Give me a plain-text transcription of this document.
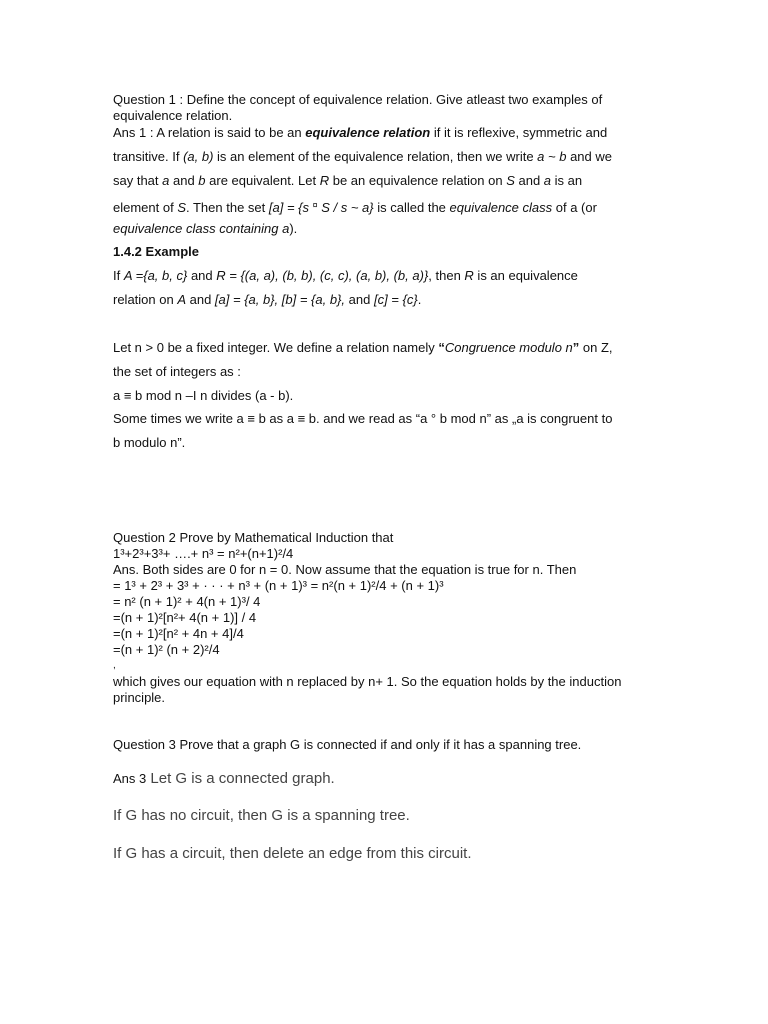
Question 1 : Define the concept of equivalence relation. Give atleast two examples of
equivalence relation.
Ans 1 : A relation is said to be an equivalence relation if it is reflexive, symmetric and
transitive. If (a, b) is an element of the equivalence relation, then we write a ~ b and we
say that a and b are equivalent. Let R be an equivalence relation on S and a is an
element of S. Then the set [a] = {s ¤ S / s ~ a} is called the equivalence class of a (or
equivalence class containing a).
1.4.2 Example
If A ={a, b, c} and R = {(a, a), (b, b), (c, c), (a, b), (b, a)}, then R is an equivalence
relation on A and [a] = {a, b}, [b] = {a, b}, and [c] = {c}.
Let n > 0 be a fixed integer. We define a relation namely “Congruence modulo n” on Z,
the set of integers as :
a ≡ b mod n –I n divides (a - b).
Some times we write a ≡ b as a ≡ b. and we read as “a ° b mod n” as „a is congruent to
b modulo n”.
Question 2 Prove by Mathematical Induction that
1³+2³+3³+ ….+ n³ = n²+(n+1)²/4
Ans. Both sides are 0 for n = 0. Now assume that the equation is true for n. Then
= 1³ + 2³ + 3³ + · · · + n³ + (n + 1)³ = n²(n + 1)²/4 + (n + 1)³
= n² (n + 1)² + 4(n + 1)³/ 4
=(n + 1)²[n²+ 4(n + 1)] / 4
=(n + 1)²[n² + 4n + 4]/4
=(n + 1)² (n + 2)²/4
,
which gives our equation with n replaced by n+ 1. So the equation holds by the induction
principle.
Question 3 Prove that a graph G is connected if and only if it has a spanning tree.
Ans 3 Let G is a connected graph.
If G has no circuit, then G is a spanning tree.
If G has a circuit, then delete an edge from this circuit.
